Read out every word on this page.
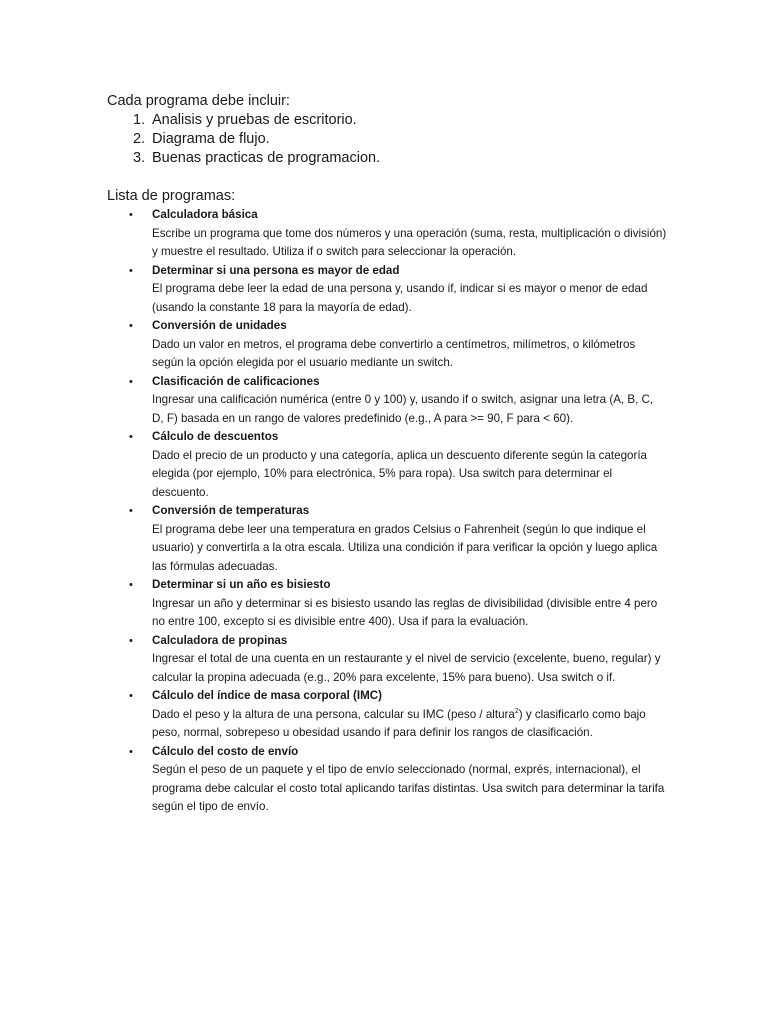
Cada programa debe incluir:

1. Analisis y pruebas de escritorio.
2. Diagrama de flujo.
3. Buenas practicas de programacion.

Lista de programas:

• Calculadora básica
Escribe un programa que tome dos números y una operación (suma, resta, multiplicación o división) y muestre el resultado. Utiliza if o switch para seleccionar la operación.
• Determinar si una persona es mayor de edad
El programa debe leer la edad de una persona y, usando if, indicar si es mayor o menor de edad (usando la constante 18 para la mayoría de edad).
• Conversión de unidades
Dado un valor en metros, el programa debe convertirlo a centímetros, milímetros, o kilómetros según la opción elegida por el usuario mediante un switch.
• Clasificación de calificaciones
Ingresar una calificación numérica (entre 0 y 100) y, usando if o switch, asignar una letra (A, B, C, D, F) basada en un rango de valores predefinido (e.g., A para >= 90, F para < 60).
• Cálculo de descuentos
Dado el precio de un producto y una categoría, aplica un descuento diferente según la categoría elegida (por ejemplo, 10% para electrónica, 5% para ropa). Usa switch para determinar el descuento.
• Conversión de temperaturas
El programa debe leer una temperatura en grados Celsius o Fahrenheit (según lo que indique el usuario) y convertirla a la otra escala. Utiliza una condición if para verificar la opción y luego aplica las fórmulas adecuadas.
• Determinar si un año es bisiesto
Ingresar un año y determinar si es bisiesto usando las reglas de divisibilidad (divisible entre 4 pero no entre 100, excepto si es divisible entre 400). Usa if para la evaluación.
• Calculadora de propinas
Ingresar el total de una cuenta en un restaurante y el nivel de servicio (excelente, bueno, regular) y calcular la propina adecuada (e.g., 20% para excelente, 15% para bueno). Usa switch o if.
• Cálculo del índice de masa corporal (IMC)
Dado el peso y la altura de una persona, calcular su IMC (peso / altura$^2$) y clasificarlo como bajo peso, normal, sobrepeso u obesidad usando if para definir los rangos de clasificación.
• Cálculo del costo de envío
Según el peso de un paquete y el tipo de envío seleccionado (normal, exprés, internacional), el programa debe calcular el costo total aplicando tarifas distintas. Usa switch para determinar la tarifa según el tipo de envío.
